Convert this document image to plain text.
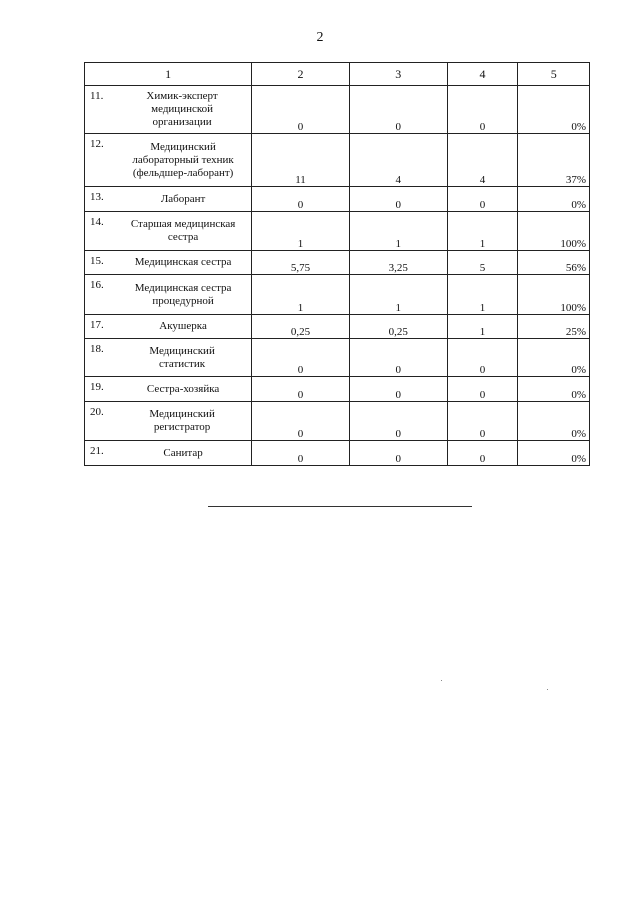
2
1	2	3	4	5

11. Химик-эксперт медицинской организации	0	0	0	0%

12. Медицинский лабораторный техник (фельдшер-лаборант)	11	4	4	37%

13. Лаборант	0	0	0	0%

14. Старшая медицинская сестра	1	1	1	100%

15. Медицинская сестра	5,75	3,25	5	56%

16. Медицинская сестра процедурной	1	1	1	100%

17. Акушерка	0,25	0,25	1	25%

18. Медицинский статистик	0	0	0	0%

19. Сестра-хозяйка	0	0	0	0%

20. Медицинский регистратор	0	0	0	0%

21. Санитар	0	0	0	0%
